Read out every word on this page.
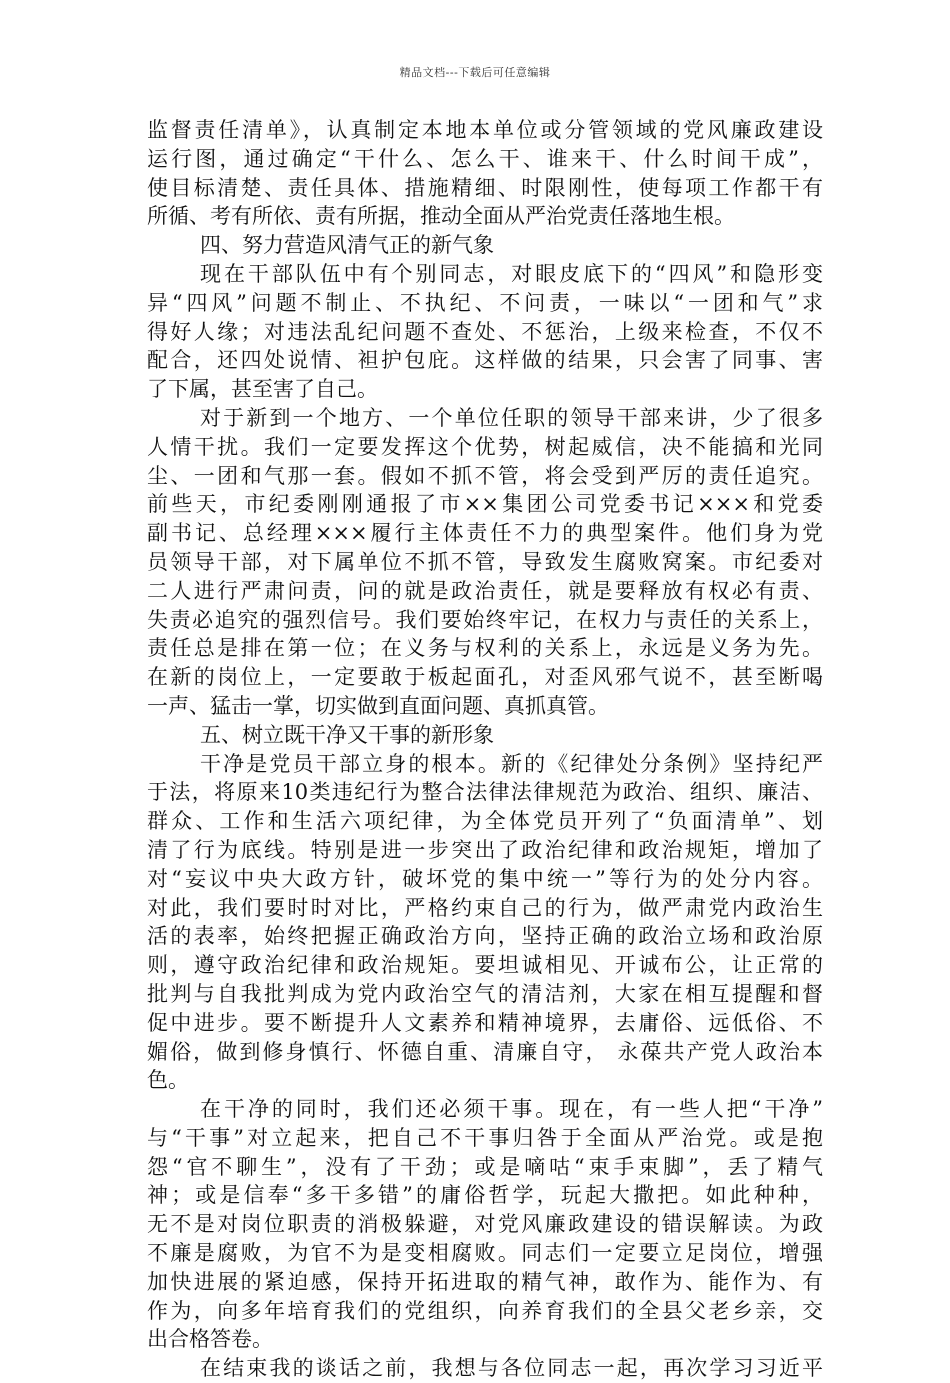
精品文档---下载后可任意编辑
监督责任清单》，认真制定本地本单位或分管领域的党风廉政建设
运行图，通过确定“干什么、怎么干、谁来干、什么时间干成”，
使目标清楚、责任具体、措施精细、时限刚性，使每项工作都干有
所循、考有所依、责有所据，推动全面从严治党责任落地生根。
四、努力营造风清气正的新气象
现在干部队伍中有个别同志，对眼皮底下的“四风”和隐形变
异“四风”问题不制止、不执纪、不问责，一味以“一团和气”求
得好人缘；对违法乱纪问题不查处、不惩治，上级来检查，不仅不
配合，还四处说情、袒护包庇。这样做的结果，只会害了同事、害
了下属，甚至害了自己。
对于新到一个地方、一个单位任职的领导干部来讲，少了很多
人情干扰。我们一定要发挥这个优势，树起威信，决不能搞和光同
尘、一团和气那一套。假如不抓不管，将会受到严厉的责任追究。
前些天，市纪委刚刚通报了市××集团公司党委书记×××和党委
副书记、总经理×××履行主体责任不力的典型案件。他们身为党
员领导干部，对下属单位不抓不管，导致发生腐败窝案。市纪委对
二人进行严肃问责，问的就是政治责任，就是要释放有权必有责、
失责必追究的强烈信号。我们要始终牢记，在权力与责任的关系上，
责任总是排在第一位；在义务与权利的关系上，永远是义务为先。
在新的岗位上，一定要敢于板起面孔，对歪风邪气说不，甚至断喝
一声、猛击一掌，切实做到直面问题、真抓真管。
五、树立既干净又干事的新形象
干净是党员干部立身的根本。新的《纪律处分条例》坚持纪严
于法，将原来10类违纪行为整合法律法律规范为政治、组织、廉洁、
群众、工作和生活六项纪律，为全体党员开列了“负面清单”、划
清了行为底线。特别是进一步突出了政治纪律和政治规矩，增加了
对“妄议中央大政方针，破坏党的集中统一”等行为的处分内容。
对此，我们要时时对比，严格约束自己的行为，做严肃党内政治生
活的表率，始终把握正确政治方向，坚持正确的政治立场和政治原
则，遵守政治纪律和政治规矩。要坦诚相见、开诚布公，让正常的
批判与自我批判成为党内政治空气的清洁剂，大家在相互提醒和督
促中进步。要不断提升人文素养和精神境界，去庸俗、远低俗、不
媚俗，做到修身慎行、怀德自重、清廉自守， 永葆共产党人政治本
色。
在干净的同时，我们还必须干事。现在，有一些人把“干净”
与“干事”对立起来，把自己不干事归咎于全面从严治党。或是抱
怨“官不聊生”，没有了干劲；或是嘀咕“束手束脚”，丢了精气
神；或是信奉“多干多错”的庸俗哲学，玩起大撒把。如此种种，
无不是对岗位职责的消极躲避，对党风廉政建设的错误解读。为政
不廉是腐败，为官不为是变相腐败。同志们一定要立足岗位，增强
加快进展的紧迫感，保持开拓进取的精气神，敢作为、能作为、有
作为，向多年培育我们的党组织，向养育我们的全县父老乡亲，交
出合格答卷。
在结束我的谈话之前，我想与各位同志一起，再次学习习近平
